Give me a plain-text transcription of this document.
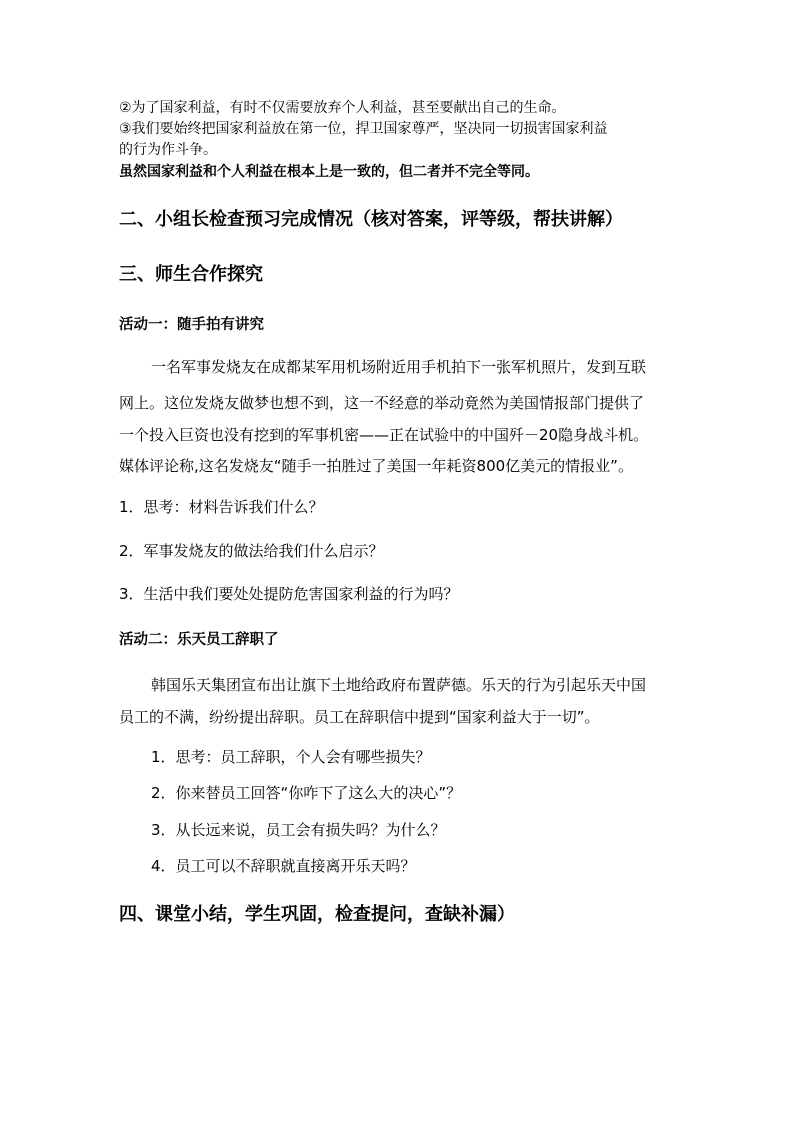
②为了国家利益，有时不仅需要放弃个人利益，甚至要献出自己的生命。
③我们要始终把国家利益放在第一位，捍卫国家尊严，坚决同一切损害国家利益
的行为作斗争。
虽然国家利益和个人利益在根本上是一致的，但二者并不完全等同。
二、小组长检查预习完成情况（核对答案，评等级，帮扶讲解）
三、师生合作探究
活动一：随手拍有讲究
一名军事发烧友在成都某军用机场附近用手机拍下一张军机照片，发到互联
网上。这位发烧友做梦也想不到，这一不经意的举动竟然为美国情报部门提供了
一个投入巨资也没有挖到的军事机密——正在试验中的中国歼－20隐身战斗机。
媒体评论称,这名发烧友“随手一拍胜过了美国一年耗资800亿美元的情报业”。
1．思考：材料告诉我们什么？
2．军事发烧友的做法给我们什么启示？
3．生活中我们要处处提防危害国家利益的行为吗？
活动二：乐天员工辞职了
韩国乐天集团宣布出让旗下土地给政府布置萨德。乐天的行为引起乐天中国
员工的不满，纷纷提出辞职。员工在辞职信中提到“国家利益大于一切”。
1．思考：员工辞职，个人会有哪些损失？
2．你来替员工回答“你咋下了这么大的决心”？
3．从长远来说，员工会有损失吗？为什么？
4．员工可以不辞职就直接离开乐天吗？
四、课堂小结，学生巩固，检查提问，查缺补漏）
